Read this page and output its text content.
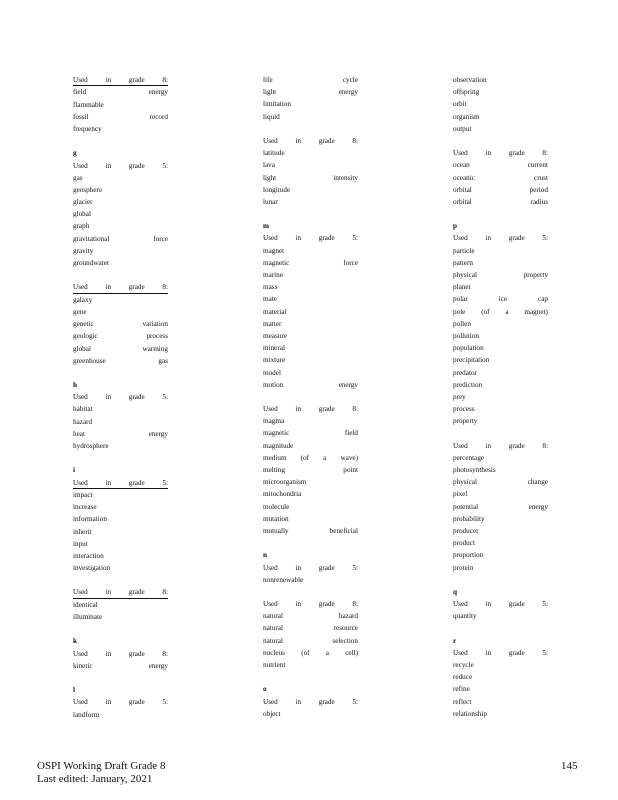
Used in grade 8:
field	energy
flammable
fossil	record
frequency
g
Used in grade 5:
gas
geosphere
glacier
global
graph
gravitational	force
gravity
groundwater
Used in grade 8:
galaxy
gene
genetic	variation
geologic	process
global	warming
greenhouse	gas
h
Used in grade 5:
habitat
hazard
heat	energy
hydrosphere
i
Used in grade 5:
impact
increase
information
inherit
input
interaction
investigation
Used in grade 8:
identical
illuminate
k
Used in grade 8:
kinetic	energy
l
Used in grade 5:
landform
life	cycle
light	energy
limitation
liquid
Used in grade 8:
latitude
lava
light	intensity
longitude
lunar
m
Used in grade 5:
magnet
magnetic	force
marine
mass
mate
material
matter
measure
mineral
mixture
model
motion	energy
Used in grade 8:
magma
magnetic	field
magnitude
medium (of a wave)
melting	point
microorganism
mitochondria
molecule
mutation
mutually	beneficial
n
Used in grade 5:
nonrenewable
Used in grade 8:
natural	hazard
natural	resource
natural	selection
nucleus (of a cell)
nutrient
o
Used in grade 5:
object
observation
offspring
orbit
organism
output
Used in grade 8:
ocean	current
oceanic	crust
orbital	period
orbital	radius
p
Used in grade 5:
particle
pattern
physical	property
planet
polar	ice	cap
pole (of a magnet)
pollen
pollution
population
precipitation
predator
prediction
prey
process
property
Used in grade 8:
percentage
photosynthesis
physical	change
pixel
potential	energy
probability
producer
product
proportion
protein
q
Used in grade 5:
quantity
r
Used in grade 5:
recycle
reduce
refine
reflect
relationship
OSPI Working Draft Grade 8
Last edited: January, 2021
145
